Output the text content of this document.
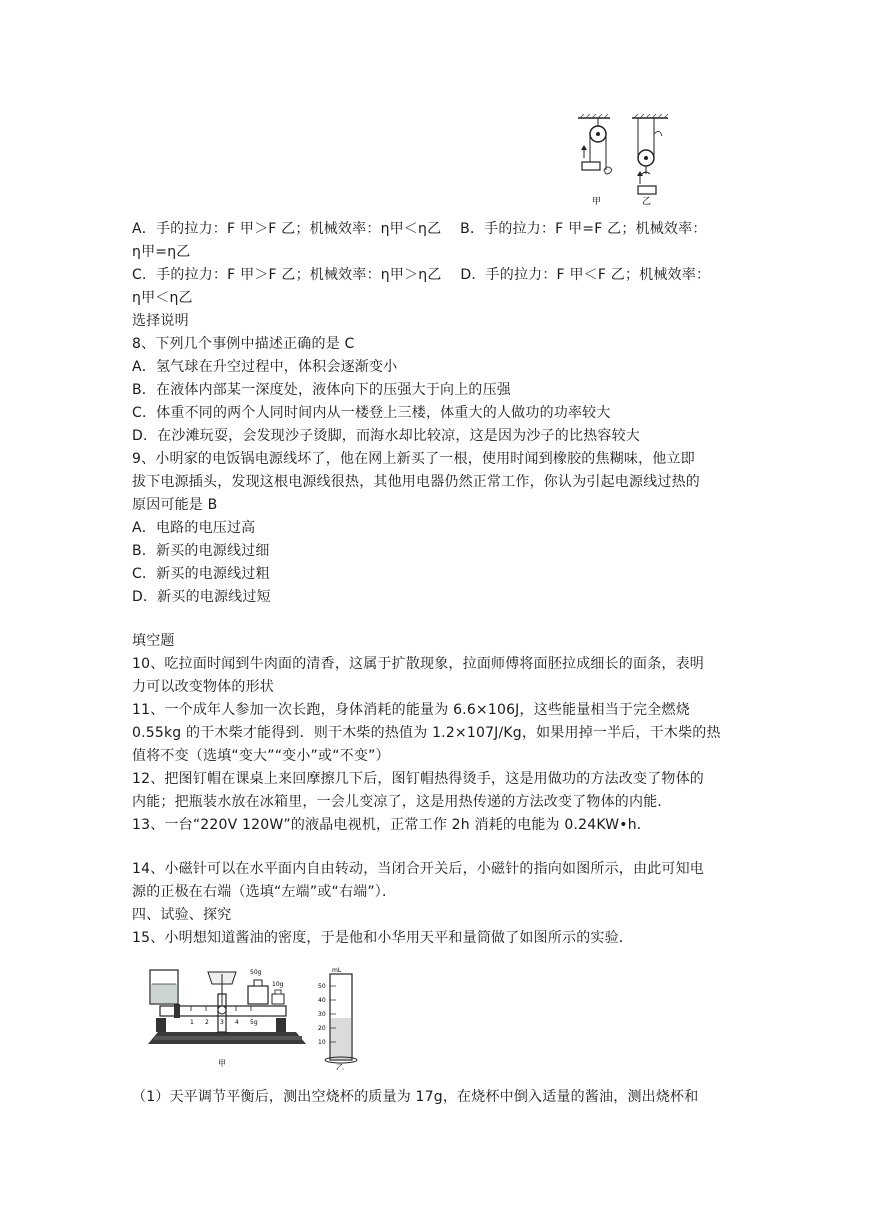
甲	乙
A．手的拉力：F 甲＞F 乙；机械效率：η甲＜η乙　 B．手的拉力：F 甲=F 乙；机械效率：
η甲=η乙
C．手的拉力：F 甲＞F 乙；机械效率：η甲＞η乙　 D．手的拉力：F 甲＜F 乙；机械效率：
η甲＜η乙
选择说明
8、下列几个事例中描述正确的是 C
A．氢气球在升空过程中，体积会逐渐变小
B．在液体内部某一深度处，液体向下的压强大于向上的压强
C．体重不同的两个人同时间内从一楼登上三楼，体重大的人做功的功率较大
D．在沙滩玩耍，会发现沙子烫脚，而海水却比较凉，这是因为沙子的比热容较大
9、小明家的电饭锅电源线坏了，他在网上新买了一根，使用时闻到橡胶的焦糊味，他立即
拔下电源插头，发现这根电源线很热，其他用电器仍然正常工作，你认为引起电源线过热的
原因可能是 B
A．电路的电压过高
B．新买的电源线过细
C．新买的电源线过粗
D．新买的电源线过短
填空题
10、吃拉面时闻到牛肉面的清香，这属于扩散现象，拉面师傅将面胚拉成细长的面条，表明
力可以改变物体的形状
11、一个成年人参加一次长跑，身体消耗的能量为 6.6×106J，这些能量相当于完全燃烧
0.55kg 的干木柴才能得到．则干木柴的热值为 1.2×107J/Kg，如果用掉一半后，干木柴的热
值将不变（选填“变大”“变小”或“不变”）
12、把图钉帽在课桌上来回摩擦几下后，图钉帽热得烫手，这是用做功的方法改变了物体的
内能；把瓶装水放在冰箱里，一会儿变凉了，这是用热传递的方法改变了物体的内能．
13、一台“220V 120W”的液晶电视机，正常工作 2h 消耗的电能为 0.24KW•h．
14、小磁针可以在水平面内自由转动，当闭合开关后，小磁针的指向如图所示，由此可知电
源的正极在右端（选填“左端”或“右端”）．
四、试验、探究
15、小明想知道酱油的密度，于是他和小华用天平和量筒做了如图所示的实验．
1 2 3 4 5g
50g
10g
mL
50
40
30
20
10
甲	乙
（1）天平调节平衡后，测出空烧杯的质量为 17g，在烧杯中倒入适量的酱油，测出烧杯和
